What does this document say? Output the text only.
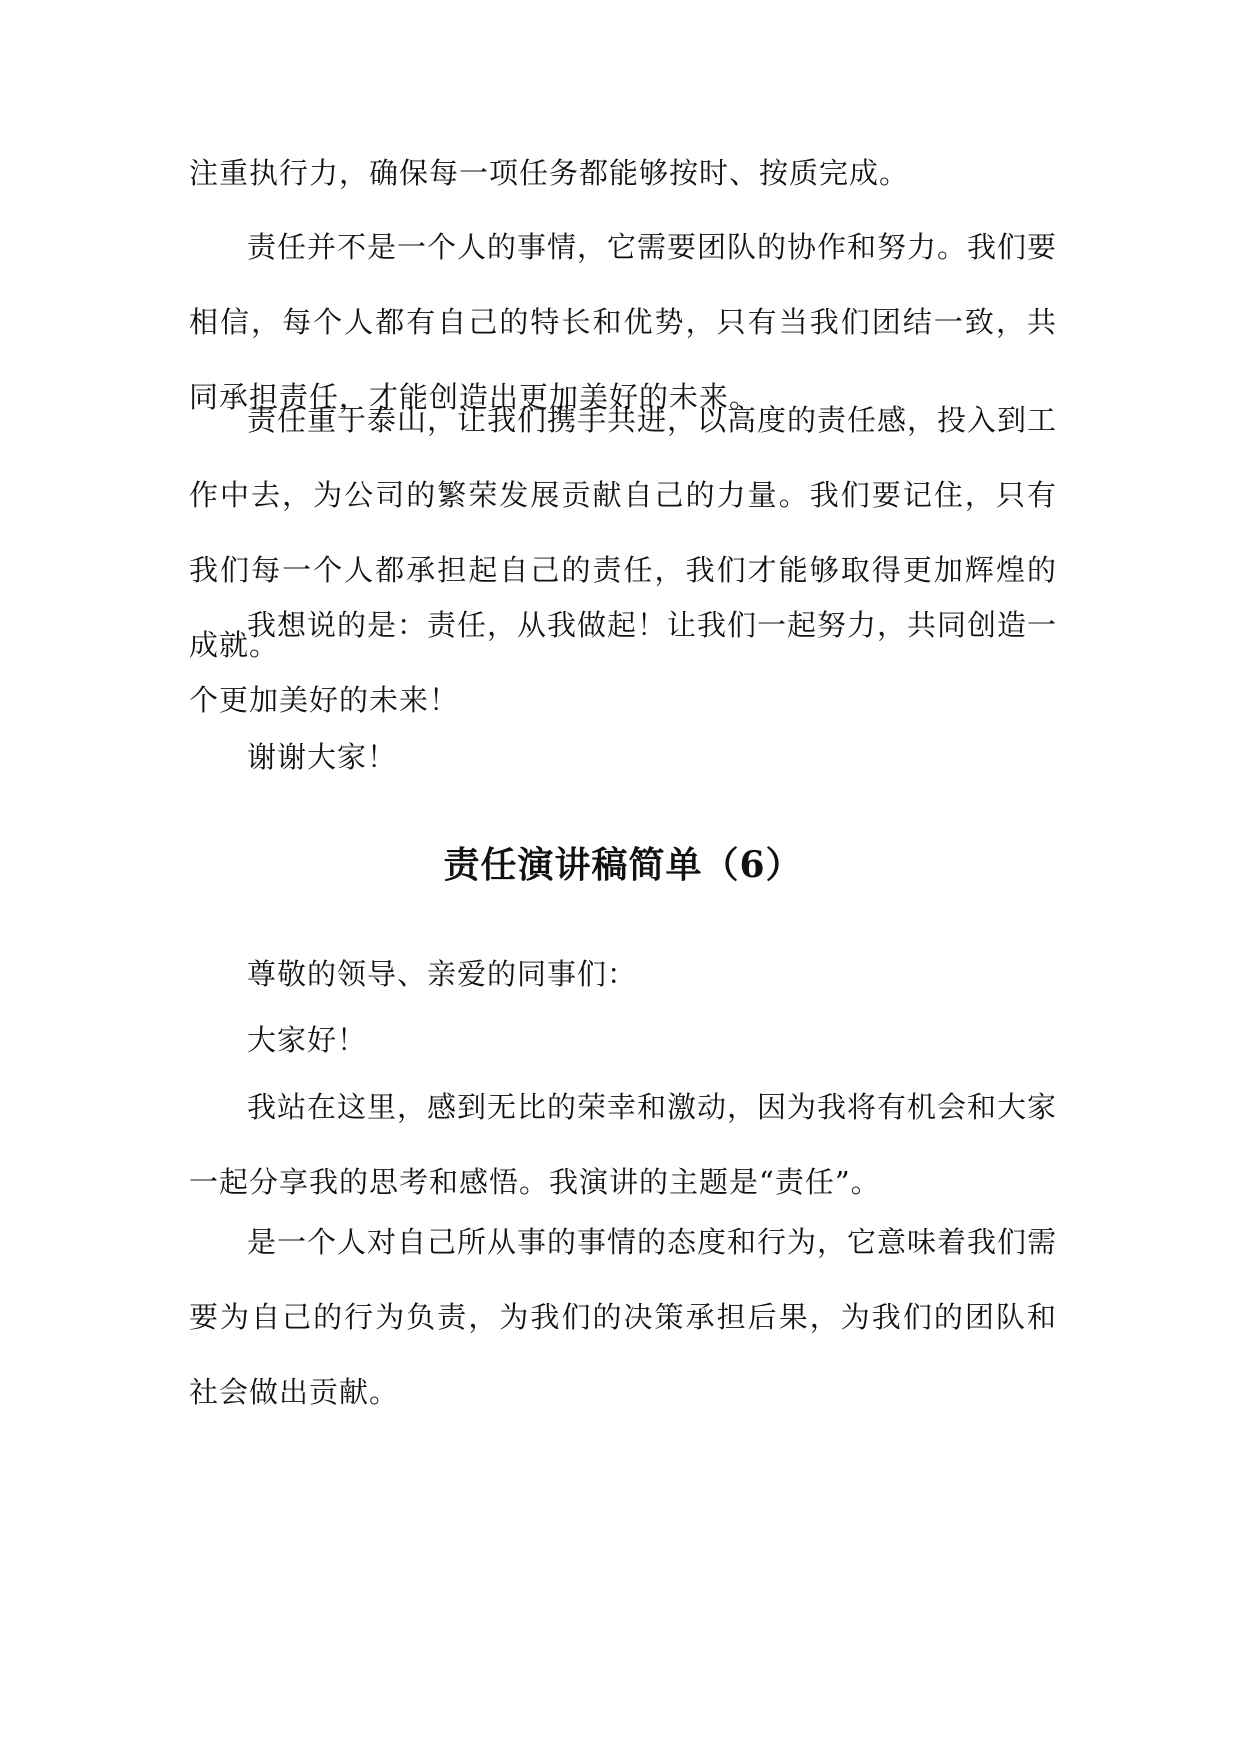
注重执行力，确保每一项任务都能够按时、按质完成。

责任并不是一个人的事情，它需要团队的协作和努力。我们要相信，每个人都有自己的特长和优势，只有当我们团结一致，共同承担责任，才能创造出更加美好的未来。

责任重于泰山，让我们携手共进，以高度的责任感，投入到工作中去，为公司的繁荣发展贡献自己的力量。我们要记住，只有我们每一个人都承担起自己的责任，我们才能够取得更加辉煌的成就。

我想说的是：责任，从我做起！让我们一起努力，共同创造一个更加美好的未来！

谢谢大家！

责任演讲稿简单（6）

尊敬的领导、亲爱的同事们：

大家好！

我站在这里，感到无比的荣幸和激动，因为我将有机会和大家一起分享我的思考和感悟。我演讲的主题是“责任”。

是一个人对自己所从事的事情的态度和行为，它意味着我们需要为自己的行为负责，为我们的决策承担后果，为我们的团队和社会做出贡献。
